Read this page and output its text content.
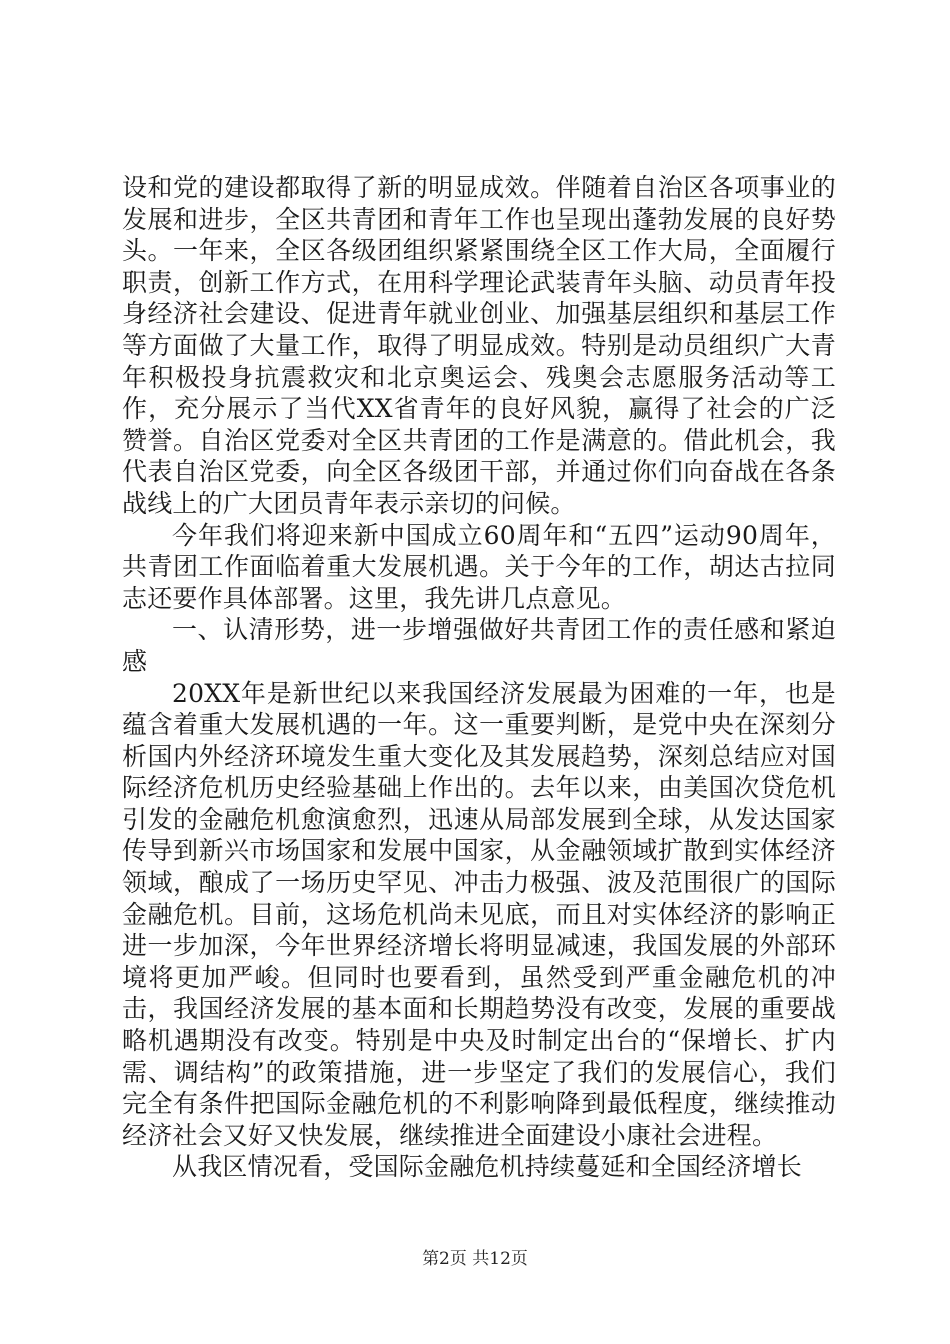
设和党的建设都取得了新的明显成效。伴随着自治区各项事业的发展和进步，全区共青团和青年工作也呈现出蓬勃发展的良好势头。一年来，全区各级团组织紧紧围绕全区工作大局，全面履行职责，创新工作方式，在用科学理论武装青年头脑、动员青年投身经济社会建设、促进青年就业创业、加强基层组织和基层工作等方面做了大量工作，取得了明显成效。特别是动员组织广大青年积极投身抗震救灾和北京奥运会、残奥会志愿服务活动等工作，充分展示了当代XX省青年的良好风貌，赢得了社会的广泛赞誉。自治区党委对全区共青团的工作是满意的。借此机会，我代表自治区党委，向全区各级团干部，并通过你们向奋战在各条战线上的广大团员青年表示亲切的问候。

今年我们将迎来新中国成立60周年和“五四”运动90周年，共青团工作面临着重大发展机遇。关于今年的工作，胡达古拉同志还要作具体部署。这里，我先讲几点意见。

一、认清形势，进一步增强做好共青团工作的责任感和紧迫感

20XX年是新世纪以来我国经济发展最为困难的一年，也是蕴含着重大发展机遇的一年。这一重要判断，是党中央在深刻分析国内外经济环境发生重大变化及其发展趋势，深刻总结应对国际经济危机历史经验基础上作出的。去年以来，由美国次贷危机引发的金融危机愈演愈烈，迅速从局部发展到全球，从发达国家传导到新兴市场国家和发展中国家，从金融领域扩散到实体经济领域，酿成了一场历史罕见、冲击力极强、波及范围很广的国际金融危机。目前，这场危机尚未见底，而且对实体经济的影响正进一步加深，今年世界经济增长将明显减速，我国发展的外部环境将更加严峻。但同时也要看到，虽然受到严重金融危机的冲击，我国经济发展的基本面和长期趋势没有改变，发展的重要战略机遇期没有改变。特别是中央及时制定出台的“保增长、扩内需、调结构”的政策措施，进一步坚定了我们的发展信心，我们完全有条件把国际金融危机的不利影响降到最低程度，继续推动经济社会又好又快发展，继续推进全面建设小康社会进程。

从我区情况看，受国际金融危机持续蔓延和全国经济增长

第2页 共12页
